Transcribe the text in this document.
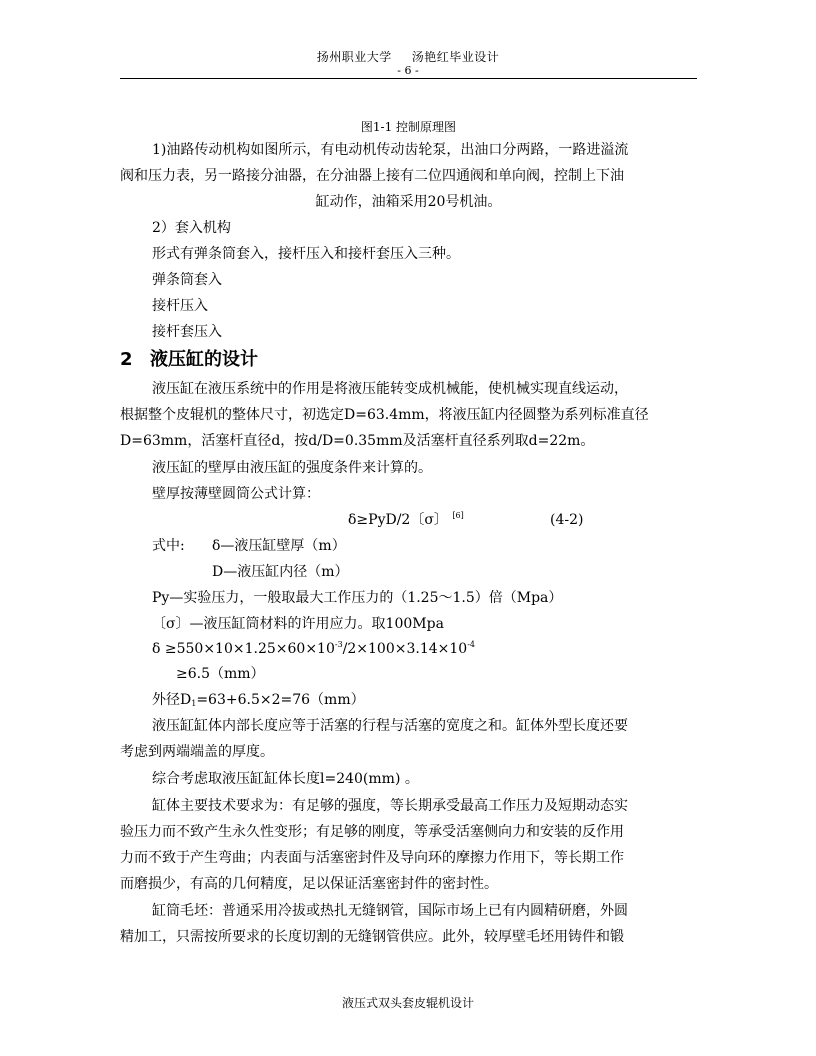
扬州职业大学 汤艳红毕业设计
- 6 -
图1-1 控制原理图
1)油路传动机构如图所示，有电动机传动齿轮泵，出油口分两路，一路进溢流
阀和压力表，另一路接分油器，在分油器上接有二位四通阀和单向阀，控制上下油
缸动作，油箱采用20号机油。
2）套入机构
形式有弹条筒套入，接杆压入和接杆套压入三种。
弹条筒套入
接杆压入
接杆套压入
2 液压缸的设计
液压缸在液压系统中的作用是将液压能转变成机械能，使机械实现直线运动，
根据整个皮辊机的整体尺寸，初选定D=63.4mm，将液压缸内径圆整为系列标准直径
D=63mm，活塞杆直径d，按d/D=0.35mm及活塞杆直径系列取d=22m。
液压缸的壁厚由液压缸的强度条件来计算的。
壁厚按薄壁圆筒公式计算：
δ≥PyD/2〔σ〕 [6]	(4-2)
式中:	δ—液压缸壁厚（m）
D—液压缸内径（m）
Py—实验压力，一般取最大工作压力的（1.25～1.5）倍（Mpa）
〔σ〕—液压缸筒材料的许用应力。取100Mpa
$\delta \ge 550\times 10\times 1.25\times 60\times 10^{-3}/2\times 100\times 3.14\times 10^{-4}$
≥6.5（mm）
外径$D_1=63+6.5\times 2=76(mm)$
液压缸缸体内部长度应等于活塞的行程与活塞的宽度之和。缸体外型长度还要
考虑到两端端盖的厚度。
综合考虑取液压缸缸体长度l=240(mm) 。
缸体主要技术要求为：有足够的强度，等长期承受最高工作压力及短期动态实
验压力而不致产生永久性变形；有足够的刚度，等承受活塞侧向力和安装的反作用
力而不致于产生弯曲；内表面与活塞密封件及导向环的摩擦力作用下，等长期工作
而磨损少，有高的几何精度，足以保证活塞密封件的密封性。
缸筒毛坯：普通采用冷拔或热扎无缝钢管，国际市场上已有内圆精研磨，外圆
精加工，只需按所要求的长度切割的无缝钢管供应。此外，较厚壁毛坯用铸件和锻
液压式双头套皮辊机设计
